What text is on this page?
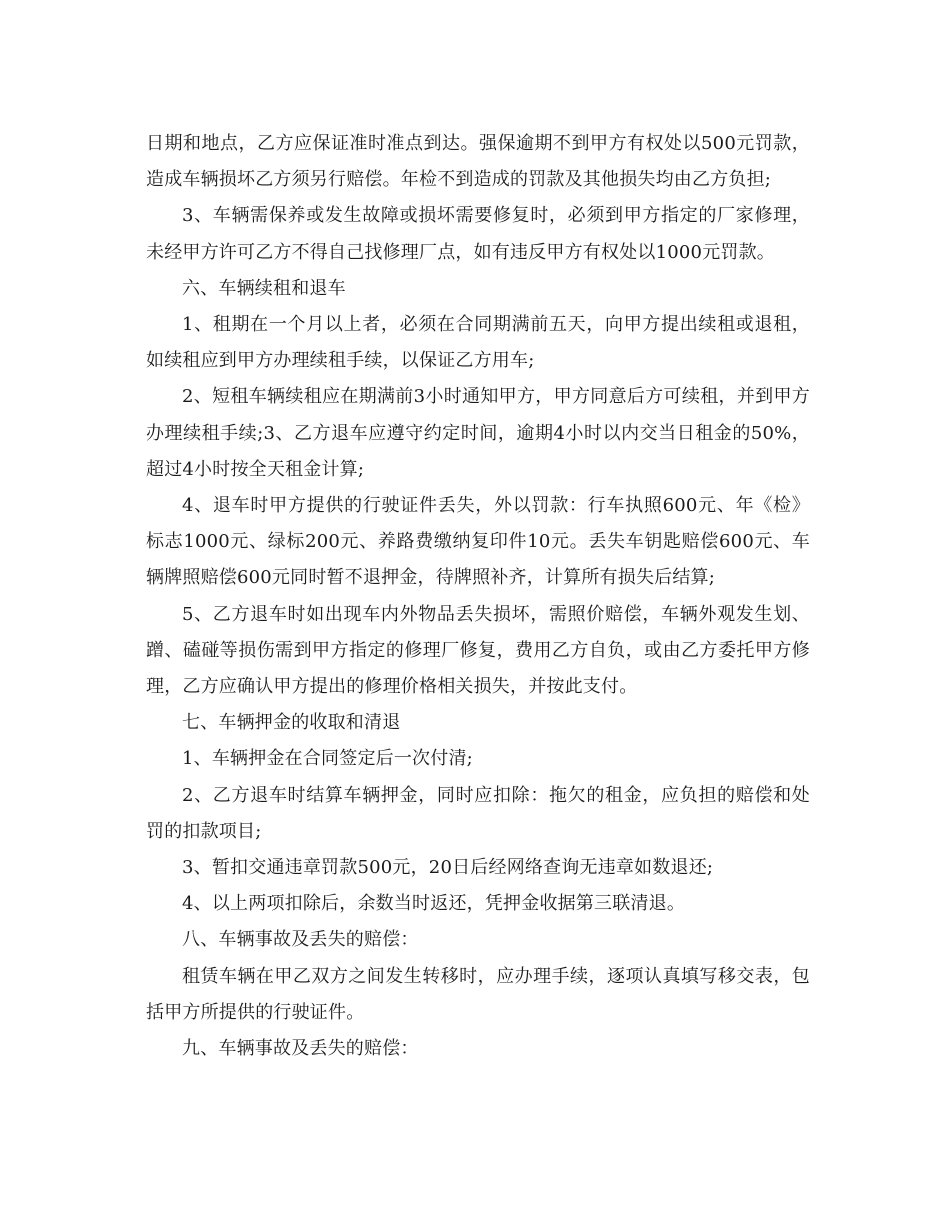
日期和地点，乙方应保证准时准点到达。强保逾期不到甲方有权处以500元罚款，造成车辆损坏乙方须另行赔偿。年检不到造成的罚款及其他损失均由乙方负担;

3、车辆需保养或发生故障或损坏需要修复时，必须到甲方指定的厂家修理，未经甲方许可乙方不得自己找修理厂点，如有违反甲方有权处以1000元罚款。

六、车辆续租和退车

1、租期在一个月以上者，必须在合同期满前五天，向甲方提出续租或退租，如续租应到甲方办理续租手续，以保证乙方用车;

2、短租车辆续租应在期满前3小时通知甲方，甲方同意后方可续租，并到甲方办理续租手续;3、乙方退车应遵守约定时间，逾期4小时以内交当日租金的50%，超过4小时按全天租金计算;

4、退车时甲方提供的行驶证件丢失，外以罚款：行车执照600元、年《检》标志1000元、绿标200元、养路费缴纳复印件10元。丢失车钥匙赔偿600元、车辆牌照赔偿600元同时暂不退押金，待牌照补齐，计算所有损失后结算;

5、乙方退车时如出现车内外物品丢失损坏，需照价赔偿，车辆外观发生划、蹭、磕碰等损伤需到甲方指定的修理厂修复，费用乙方自负，或由乙方委托甲方修理，乙方应确认甲方提出的修理价格相关损失，并按此支付。

七、车辆押金的收取和清退

1、车辆押金在合同签定后一次付清;

2、乙方退车时结算车辆押金，同时应扣除：拖欠的租金，应负担的赔偿和处罚的扣款项目;

3、暂扣交通违章罚款500元，20日后经网络查询无违章如数退还;

4、以上两项扣除后，余数当时返还，凭押金收据第三联清退。

八、车辆事故及丢失的赔偿：

租赁车辆在甲乙双方之间发生转移时，应办理手续，逐项认真填写移交表，包括甲方所提供的行驶证件。

九、车辆事故及丢失的赔偿：
